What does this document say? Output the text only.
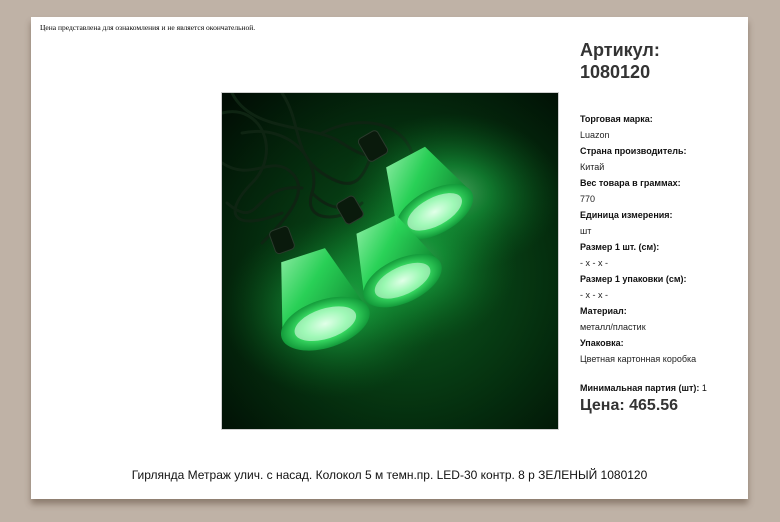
Цена представлена для ознакомления и не является окончательной.
Артикул:
1080120
Торговая марка:
Luazon
Страна производитель:
Китай
Вес товара в граммах:
770
Единица измерения:
шт
Размер 1 шт. (см):
- x - x -
Размер 1 упаковки (см):
- x - x -
Материал:
металл/пластик
Упаковка:
Цветная картонная коробка
Минимальная партия (шт): 1
Цена: 465.56
Гирлянда Метраж улич. с насад. Колокол 5 м темн.пр. LED-30 контр. 8 р ЗЕЛЕНЫЙ 1080120
